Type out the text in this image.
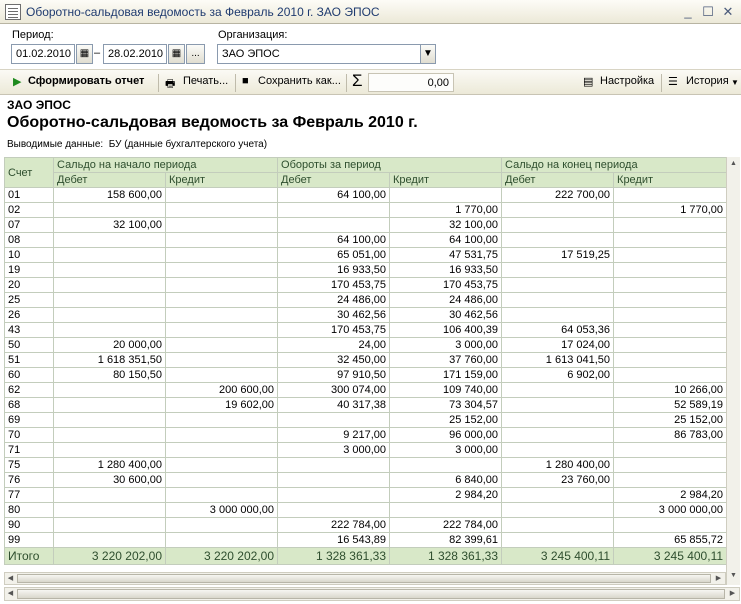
Оборотно-сальдовая ведомость за Февраль 2010 г. ЗАО ЭПОС	_ ☐ ✕
Период:
01.02.2010 ▦ – 28.02.2010 ▦	...
Организация:
ЗАО ЭПОС	▼
▶ Сформировать отчет 🖶 Печать... ■ Сохранить как... Σ	0,00	▤ Настройка ☰ История ▼
ЗАО ЭПОС
Оборотно-сальдовая ведомость за Февраль 2010 г.
Выводимые данные: БУ (данные бухгалтерского учета)
Счет	Сальдо на начало периода		Обороты за период		Сальдо на конец периода	
	Дебет	Кредит	Дебет	Кредит	Дебет	Кредит
01	158 600,00		64 100,00		222 700,00	
02				1 770,00		1 770,00
07	32 100,00			32 100,00		
08			64 100,00	64 100,00		
10			65 051,00	47 531,75	17 519,25	
19			16 933,50	16 933,50		
20			170 453,75	170 453,75		
25			24 486,00	24 486,00		
26			30 462,56	30 462,56		
43			170 453,75	106 400,39	64 053,36	
50	20 000,00		24,00	3 000,00	17 024,00	
51	1 618 351,50		32 450,00	37 760,00	1 613 041,50	
60	80 150,50		97 910,50	171 159,00	6 902,00	
62		200 600,00	300 074,00	109 740,00		10 266,00
68		19 602,00	40 317,38	73 304,57		52 589,19
69				25 152,00		25 152,00
70			9 217,00	96 000,00		86 783,00
71			3 000,00	3 000,00		
75	1 280 400,00				1 280 400,00	
76	30 600,00			6 840,00	23 760,00	
77				2 984,20		2 984,20
80		3 000 000,00				3 000 000,00
90			222 784,00	222 784,00		
99			16 543,89	82 399,61		65 855,72
Итого	3 220 202,00	3 220 202,00	1 328 361,33	1 328 361,33	3 245 400,11	3 245 400,11
▲
▼
◀	▶
◀	▶
